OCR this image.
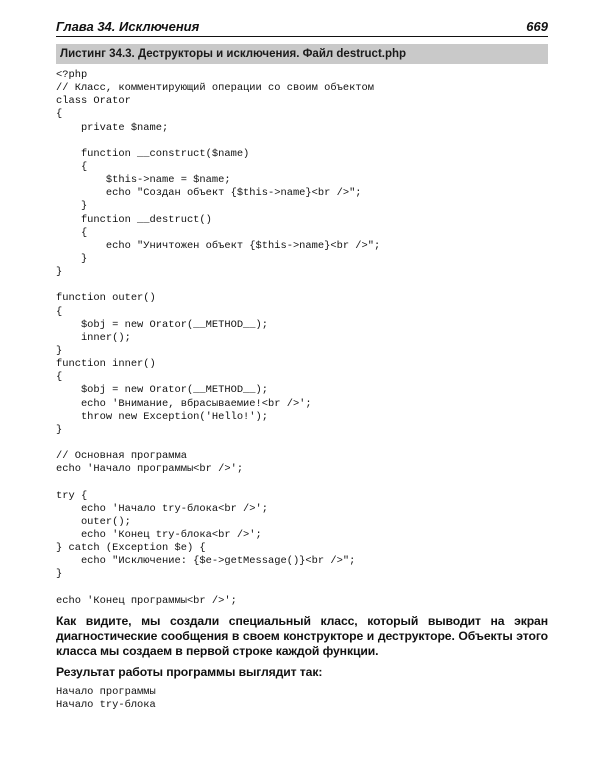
Глава 34. Исключения	669
Листинг 34.3. Деструкторы и исключения. Файл destruct.php
<?php
// Класс, комментирующий операции со своим объектом
class Orator
{
private $name;
function __construct($name)
{
$this->name = $name;
echo "Создан объект {$this->name}<br />";
}
function __destruct()
{
echo "Уничтожен объект {$this->name}<br />";
}
}
function outer()
{
$obj = new Orator(__METHOD__);
inner();
}
function inner()
{
$obj = new Orator(__METHOD__);
echo 'Внимание, вбрасываемие!<br />';
throw new Exception('Hello!');
}
// Основная программа
echo 'Начало программы<br />';
try {
echo 'Начало try-блока<br />';
outer();
echo 'Конец try-блока<br />';
} catch (Exception $e) {
echo "Исключение: {$e->getMessage()}<br />";
}
echo 'Конец программы<br />';
Как видите, мы создали специальный класс, который выводит на экран диагностические сообщения в своем конструкторе и деструкторе. Объекты этого класса мы создаем в первой строке каждой функции.
Результат работы программы выглядит так:
Начало программы
Начало try-блока
